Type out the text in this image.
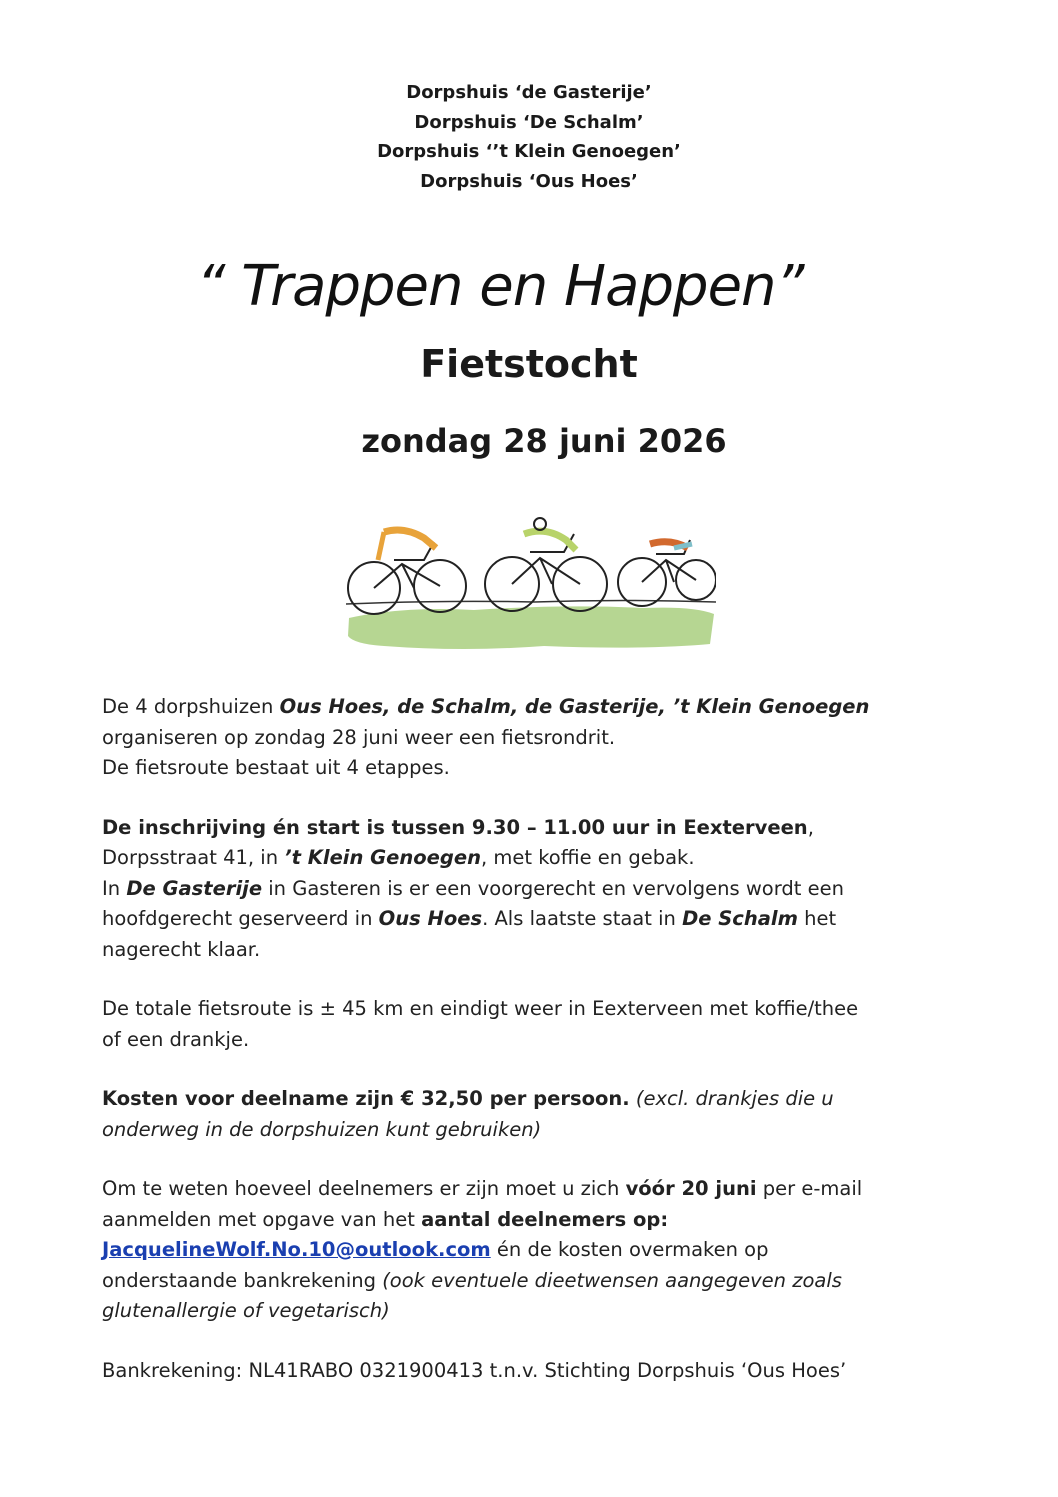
Dorpshuis ‘de Gasterije’
Dorpshuis ‘De Schalm’
Dorpshuis ‘’t Klein Genoegen’
Dorpshuis ‘Ous Hoes’
“ Trappen en Happen”
Fietstocht
zondag 28 juni 2026

De 4 dorpshuizen Ous Hoes, de Schalm, de Gasterije, ’t Klein Genoegen
organiseren op zondag 28 juni weer een fietsrondrit.
De fietsroute bestaat uit 4 etappes.

De inschrijving én start is tussen 9.30 – 11.00 uur in Eexterveen,
Dorpsstraat 41, in ’t Klein Genoegen, met koffie en gebak.
In De Gasterije in Gasteren is er een voorgerecht en vervolgens wordt een
hoofdgerecht geserveerd in Ous Hoes. Als laatste staat in De Schalm het
nagerecht klaar.

De totale fietsroute is ± 45 km en eindigt weer in Eexterveen met koffie/thee
of een drankje.

Kosten voor deelname zijn € 32,50 per persoon. (excl. drankjes die u
onderweg in de dorpshuizen kunt gebruiken)

Om te weten hoeveel deelnemers er zijn moet u zich vóór 20 juni per e-mail
aanmelden met opgave van het aantal deelnemers op:
JacquelineWolf.No.10@outlook.com én de kosten overmaken op
onderstaande bankrekening (ook eventuele dieetwensen aangegeven zoals
glutenallergie of vegetarisch)

Bankrekening: NL41RABO 0321900413 t.n.v. Stichting Dorpshuis ‘Ous Hoes’
